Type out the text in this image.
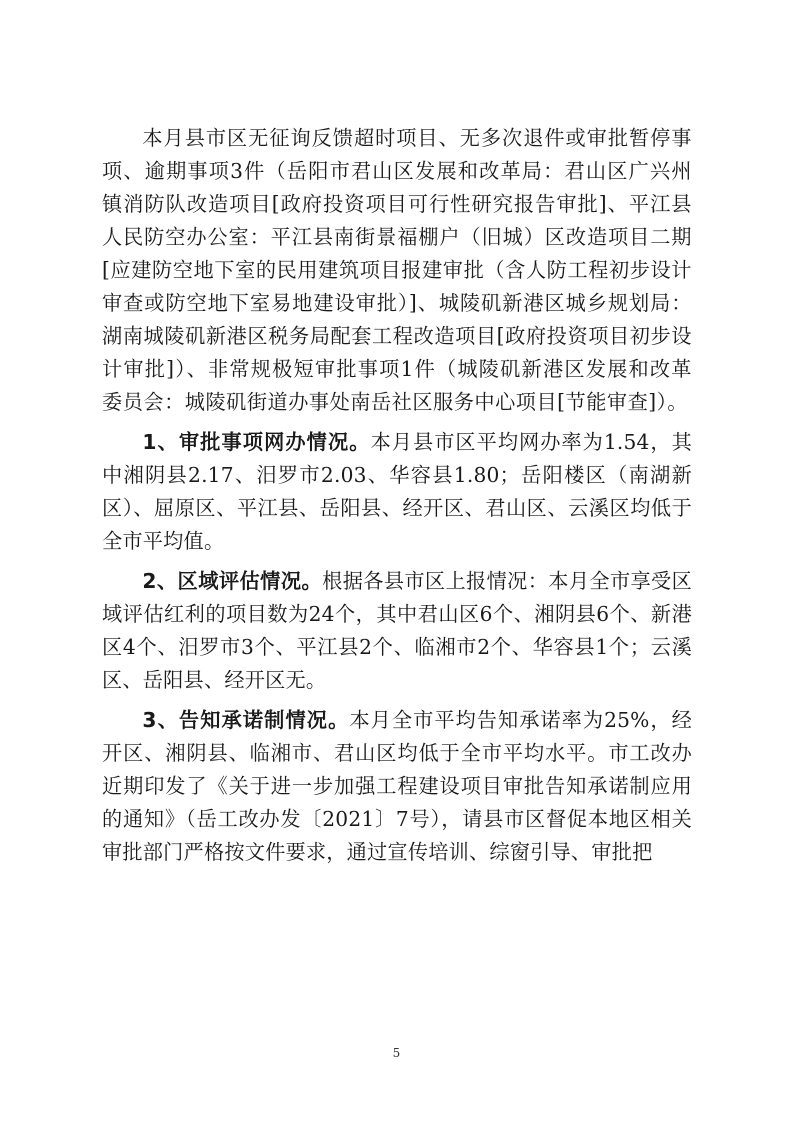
本月县市区无征询反馈超时项目、无多次退件或审批暂停事项、逾期事项3件（岳阳市君山区发展和改革局：君山区广兴州镇消防队改造项目[政府投资项目可行性研究报告审批]、平江县人民防空办公室：平江县南街景福棚户（旧城）区改造项目二期[应建防空地下室的民用建筑项目报建审批（含人防工程初步设计审查或防空地下室易地建设审批）]、城陵矶新港区城乡规划局：湖南城陵矶新港区税务局配套工程改造项目[政府投资项目初步设计审批]）、非常规极短审批事项1件（城陵矶新港区发展和改革委员会：城陵矶街道办事处南岳社区服务中心项目[节能审查]）。

1、审批事项网办情况。本月县市区平均网办率为1.54，其中湘阴县2.17、汨罗市2.03、华容县1.80；岳阳楼区（南湖新区）、屈原区、平江县、岳阳县、经开区、君山区、云溪区均低于全市平均值。

2、区域评估情况。根据各县市区上报情况：本月全市享受区域评估红利的项目数为24个，其中君山区6个、湘阴县6个、新港区4个、汨罗市3个、平江县2个、临湘市2个、华容县1个；云溪区、岳阳县、经开区无。

3、告知承诺制情况。本月全市平均告知承诺率为25%，经开区、湘阴县、临湘市、君山区均低于全市平均水平。市工改办近期印发了《关于进一步加强工程建设项目审批告知承诺制应用的通知》（岳工改办发〔2021〕7号），请县市区督促本地区相关审批部门严格按文件要求，通过宣传培训、综窗引导、审批把

5
